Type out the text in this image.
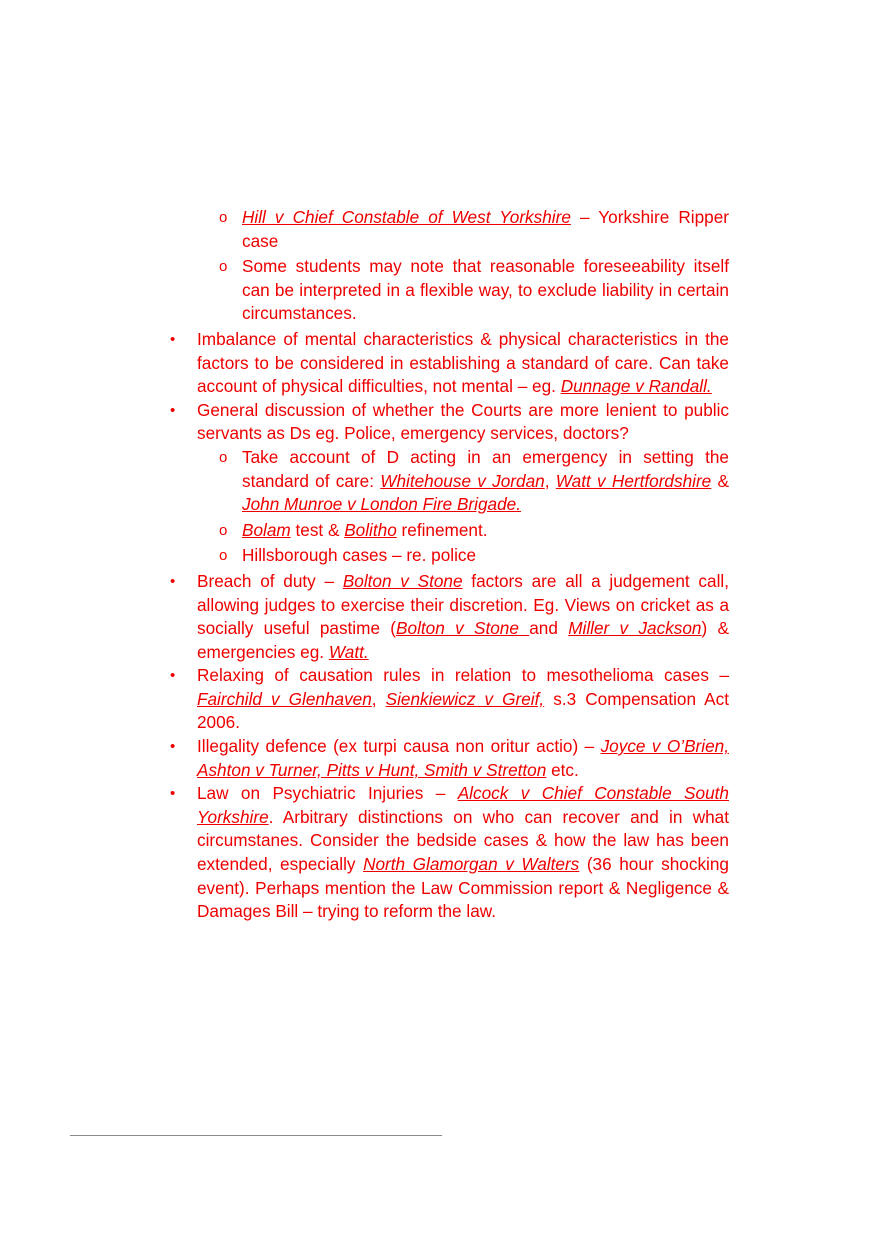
o Hill v Chief Constable of West Yorkshire – Yorkshire Ripper case
o Some students may note that reasonable foreseeability itself can be interpreted in a flexible way, to exclude liability in certain circumstances.
• Imbalance of mental characteristics & physical characteristics in the factors to be considered in establishing a standard of care. Can take account of physical difficulties, not mental – eg. Dunnage v Randall.
• General discussion of whether the Courts are more lenient to public servants as Ds eg. Police, emergency services, doctors?
o Take account of D acting in an emergency in setting the standard of care: Whitehouse v Jordan, Watt v Hertfordshire & John Munroe v London Fire Brigade.
o Bolam test & Bolitho refinement.
o Hillsborough cases – re. police
• Breach of duty – Bolton v Stone factors are all a judgement call, allowing judges to exercise their discretion. Eg. Views on cricket as a socially useful pastime (Bolton v Stone and Miller v Jackson) & emergencies eg. Watt.
• Relaxing of causation rules in relation to mesothelioma cases – Fairchild v Glenhaven, Sienkiewicz v Greif, s.3 Compensation Act 2006.
• Illegality defence (ex turpi causa non oritur actio) – Joyce v O’Brien, Ashton v Turner, Pitts v Hunt, Smith v Stretton etc.
• Law on Psychiatric Injuries – Alcock v Chief Constable South Yorkshire. Arbitrary distinctions on who can recover and in what circumstanes. Consider the bedside cases & how the law has been extended, especially North Glamorgan v Walters (36 hour shocking event). Perhaps mention the Law Commission report & Negligence & Damages Bill – trying to reform the law.
